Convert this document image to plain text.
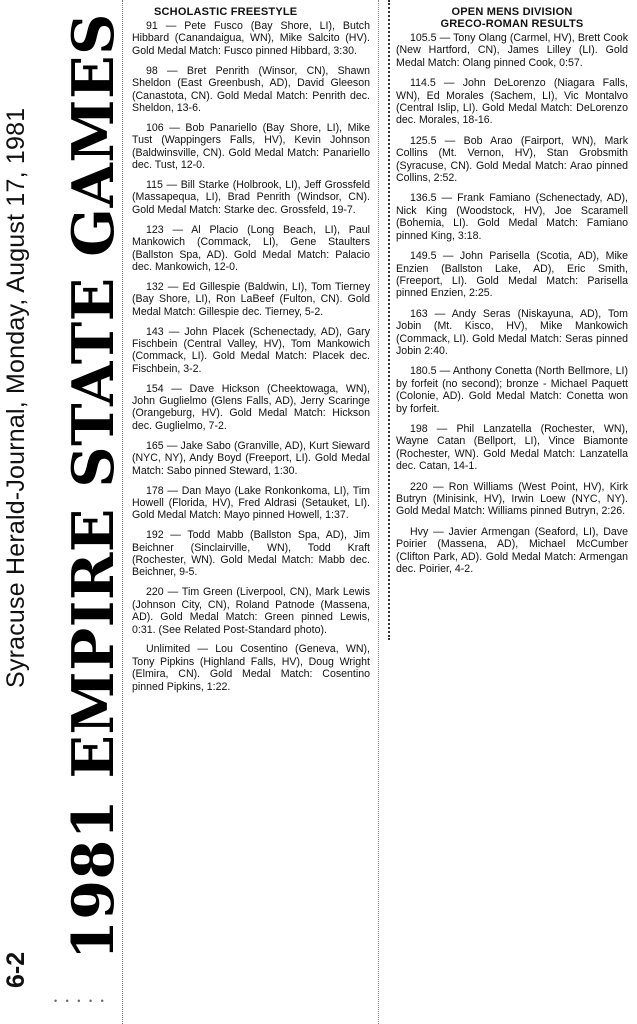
6-2
Syracuse Herald-Journal, Monday, August 17, 1981 1981 EMPIRE STATE GAMES
• • • • •
SCHOLASTIC FREESTYLE

91 — Pete Fusco (Bay Shore, LI), Butch Hibbard (Canandaigua, WN), Mike Salcito (HV). Gold Medal Match: Fusco pinned Hibbard, 3:30.

98 — Bret Penrith (Winsor, CN), Shawn Sheldon (East Greenbush, AD), David Gleeson (Canastota, CN). Gold Medal Match: Penrith dec. Sheldon, 13-6.

106 — Bob Panariello (Bay Shore, LI), Mike Tust (Wappingers Falls, HV), Kevin Johnson (Baldwinsville, CN). Gold Medal Match: Panariello dec. Tust, 12-0.

115 — Bill Starke (Holbrook, LI), Jeff Grossfeld (Massapequa, LI), Brad Penrith (Windsor, CN). Gold Medal Match: Starke dec. Grossfeld, 19-7.

123 — Al Placio (Long Beach, LI), Paul Mankowich (Commack, LI), Gene Staulters (Ballston Spa, AD). Gold Medal Match: Palacio dec. Mankowich, 12-0.

132 — Ed Gillespie (Baldwin, LI), Tom Tierney (Bay Shore, LI), Ron LaBeef (Fulton, CN). Gold Medal Match: Gillespie dec. Tierney, 5-2.

143 — John Placek (Schenectady, AD), Gary Fischbein (Central Valley, HV), Tom Mankowich (Commack, LI). Gold Medal Match: Placek dec. Fischbein, 3-2.

154 — Dave Hickson (Cheektowaga, WN), John Guglielmo (Glens Falls, AD), Jerry Scaringe (Orangeburg, HV). Gold Medal Match: Hickson dec. Guglielmo, 7-2.

165 — Jake Sabo (Granville, AD), Kurt Sieward (NYC, NY), Andy Boyd (Freeport, LI). Gold Medal Match: Sabo pinned Steward, 1:30.

178 — Dan Mayo (Lake Ronkonkoma, LI), Tim Howell (Florida, HV), Fred Aldrasi (Setauket, LI). Gold Medal Match: Mayo pinned Howell, 1:37.

192 — Todd Mabb (Ballston Spa, AD), Jim Beichner (Sinclairville, WN), Todd Kraft (Rochester, WN). Gold Medal Match: Mabb dec. Beichner, 9-5.

220 — Tim Green (Liverpool, CN), Mark Lewis (Johnson City, CN), Roland Patnode (Massena, AD). Gold Medal Match: Green pinned Lewis, 0:31. (See Related Post-Standard photo).

Unlimited — Lou Cosentino (Geneva, WN), Tony Pipkins (Highland Falls, HV), Doug Wright (Elmira, CN). Gold Medal Match: Cosentino pinned Pipkins, 1:22.

OPEN MENS DIVISION
GRECO-ROMAN RESULTS

105.5 — Tony Olang (Carmel, HV), Brett Cook (New Hartford, CN), James Lilley (LI). Gold Medal Match: Olang pinned Cook, 0:57.

114.5 — John DeLorenzo (Niagara Falls, WN), Ed Morales (Sachem, LI), Vic Montalvo (Central Islip, LI). Gold Medal Match: DeLorenzo dec. Morales, 18-16.

125.5 — Bob Arao (Fairport, WN), Mark Collins (Mt. Vernon, HV), Stan Grobsmith (Syracuse, CN). Gold Medal Match: Arao pinned Collins, 2:52.

136.5 — Frank Famiano (Schenectady, AD), Nick King (Woodstock, HV), Joe Scaramell (Bohemia, LI). Gold Medal Match: Famiano pinned King, 3:18.

149.5 — John Parisella (Scotia, AD), Mike Enzien (Ballston Lake, AD), Eric Smith, (Freeport, LI). Gold Medal Match: Parisella pinned Enzien, 2:25.

163 — Andy Seras (Niskayuna, AD), Tom Jobin (Mt. Kisco, HV), Mike Mankowich (Commack, LI). Gold Medal Match: Seras pinned Jobin 2:40.

180.5 — Anthony Conetta (North Bellmore, LI) by forfeit (no second); bronze - Michael Paquett (Colonie, AD). Gold Medal Match: Conetta won by forfeit.

198 — Phil Lanzatella (Rochester, WN), Wayne Catan (Bellport, LI), Vince Biamonte (Rochester, WN). Gold Medal Match: Lanzatella dec. Catan, 14-1.

220 — Ron Williams (West Point, HV), Kirk Butryn (Minisink, HV), Irwin Loew (NYC, NY). Gold Medal Match: Williams pinned Butryn, 2:26.

Hvy — Javier Armengan (Seaford, LI), Dave Poirier (Massena, AD), Michael McCumber (Clifton Park, AD). Gold Medal Match: Armengan dec. Poirier, 4-2.
